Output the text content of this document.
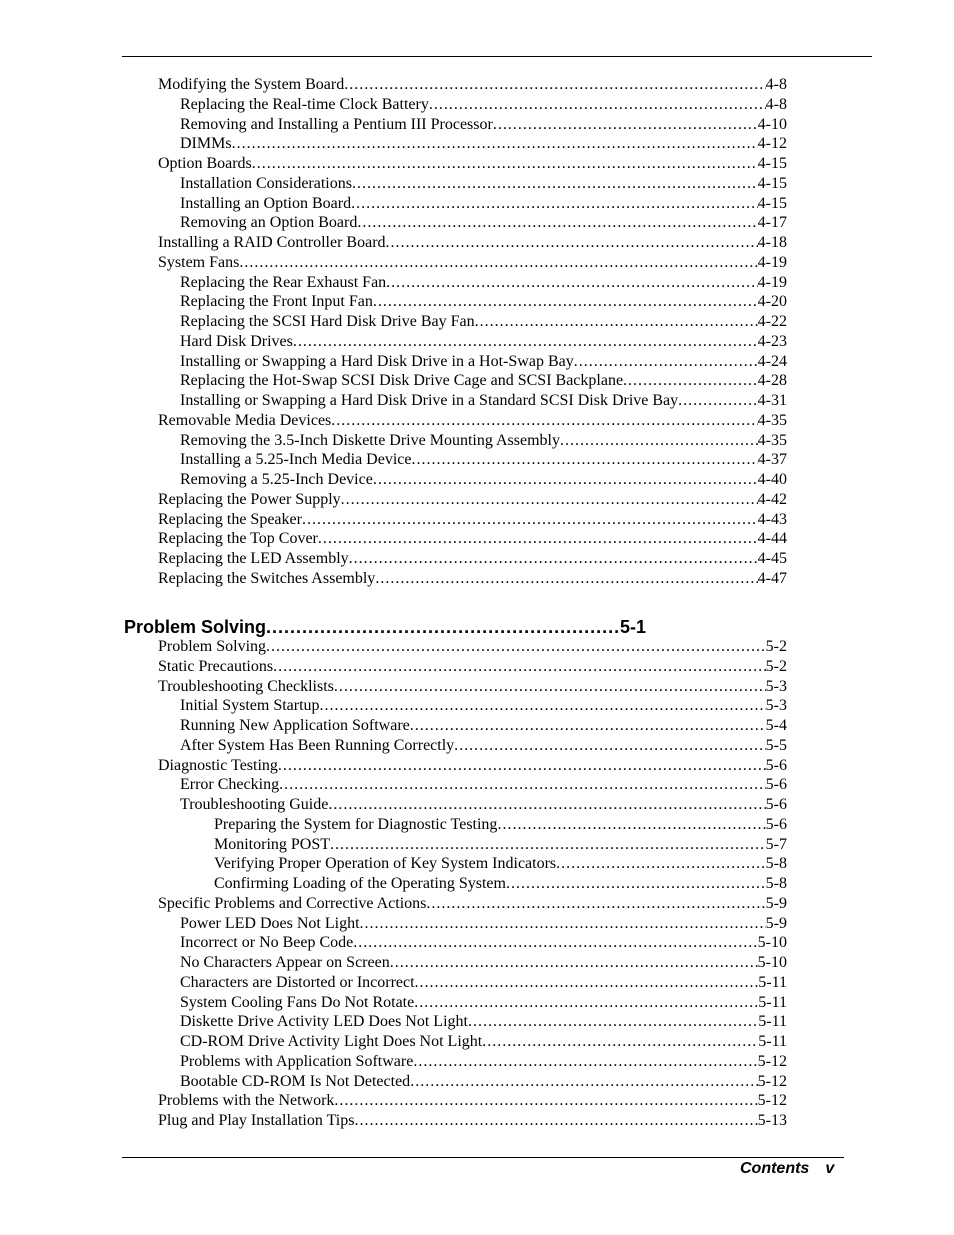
Modifying the System Board .....	4-8
Replacing the Real-time Clock Battery .....	4-8
Removing and Installing a Pentium III Processor .....	4-10
DIMMs .....	4-12
Option Boards .....	4-15
Installation Considerations .....	4-15
Installing an Option Board .....	4-15
Removing an Option Board .....	4-17
Installing a RAID Controller Board .....	4-18
System Fans .....	4-19
Replacing the Rear Exhaust Fan .....	4-19
Replacing the Front Input Fan .....	4-20
Replacing the SCSI Hard Disk Drive Bay Fan .....	4-22
Hard Disk Drives .....	4-23
Installing or Swapping a Hard Disk Drive in a Hot-Swap Bay .....	4-24
Replacing the Hot-Swap SCSI Disk Drive Cage and SCSI Backplane .....	4-28
Installing or Swapping a Hard Disk Drive in a Standard SCSI Disk Drive Bay .....	4-31
Removable Media Devices .....	4-35
Removing the 3.5-Inch Diskette Drive Mounting Assembly .....	4-35
Installing a 5.25-Inch Media Device .....	4-37
Removing a 5.25-Inch Device .....	4-40
Replacing the Power Supply .....	4-42
Replacing the Speaker .....	4-43
Replacing the Top Cover .....	4-44
Replacing the LED Assembly .....	4-45
Replacing the Switches Assembly .....	4-47
Problem Solving .....	5-1
Problem Solving .....	5-2
Static Precautions .....	5-2
Troubleshooting Checklists .....	5-3
Initial System Startup .....	5-3
Running New Application Software .....	5-4
After System Has Been Running Correctly .....	5-5
Diagnostic Testing .....	5-6
Error Checking .....	5-6
Troubleshooting Guide .....	5-6
Preparing the System for Diagnostic Testing .....	5-6
Monitoring POST .....	5-7
Verifying Proper Operation of Key System Indicators .....	5-8
Confirming Loading of the Operating System .....	5-8
Specific Problems and Corrective Actions .....	5-9
Power LED Does Not Light .....	5-9
Incorrect or No Beep Code .....	5-10
No Characters Appear on Screen .....	5-10
Characters are Distorted or Incorrect .....	5-11
System Cooling Fans Do Not Rotate .....	5-11
Diskette Drive Activity LED Does Not Light .....	5-11
CD-ROM Drive Activity Light Does Not Light .....	5-11
Problems with Application Software .....	5-12
Bootable CD-ROM Is Not Detected .....	5-12
Problems with the Network .....	5-12
Plug and Play Installation Tips .....	5-13
Contents v
